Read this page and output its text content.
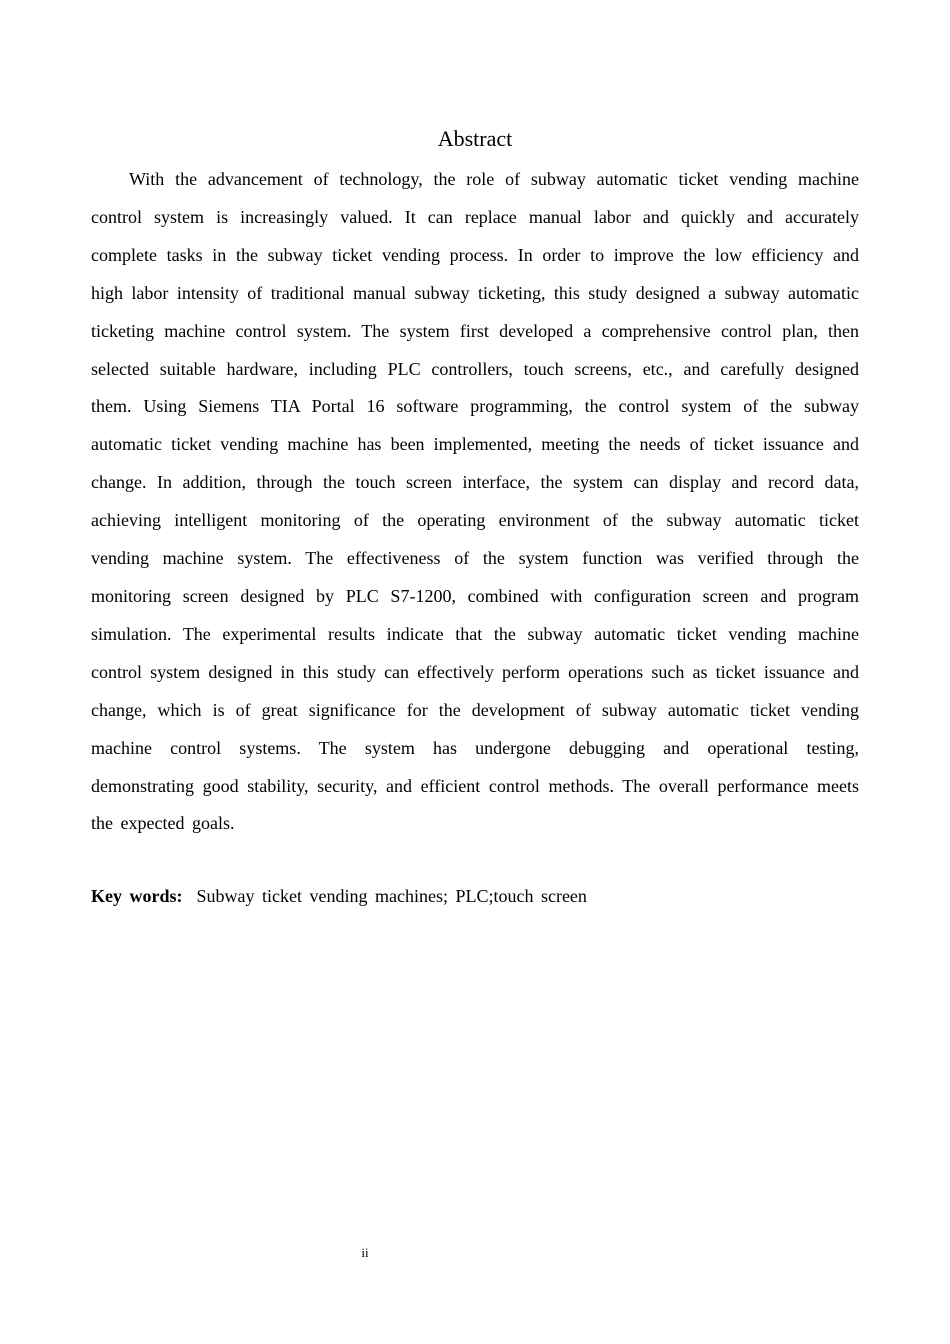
Abstract

With the advancement of technology, the role of subway automatic ticket vending machine control system is increasingly valued. It can replace manual labor and quickly and accurately complete tasks in the subway ticket vending process. In order to improve the low efficiency and high labor intensity of traditional manual subway ticketing, this study designed a subway automatic ticketing machine control system. The system first developed a comprehensive control plan, then selected suitable hardware, including PLC controllers, touch screens, etc., and carefully designed them. Using Siemens TIA Portal 16 software programming, the control system of the subway automatic ticket vending machine has been implemented, meeting the needs of ticket issuance and change. In addition, through the touch screen interface, the system can display and record data, achieving intelligent monitoring of the operating environment of the subway automatic ticket vending machine system. The effectiveness of the system function was verified through the monitoring screen designed by PLC S7-1200, combined with configuration screen and program simulation. The experimental results indicate that the subway automatic ticket vending machine control system designed in this study can effectively perform operations such as ticket issuance and change, which is of great significance for the development of subway automatic ticket vending machine control systems. The system has undergone debugging and operational testing, demonstrating good stability, security, and efficient control methods. The overall performance meets the expected goals.

Key words: Subway ticket vending machines; PLC;touch screen
ii
